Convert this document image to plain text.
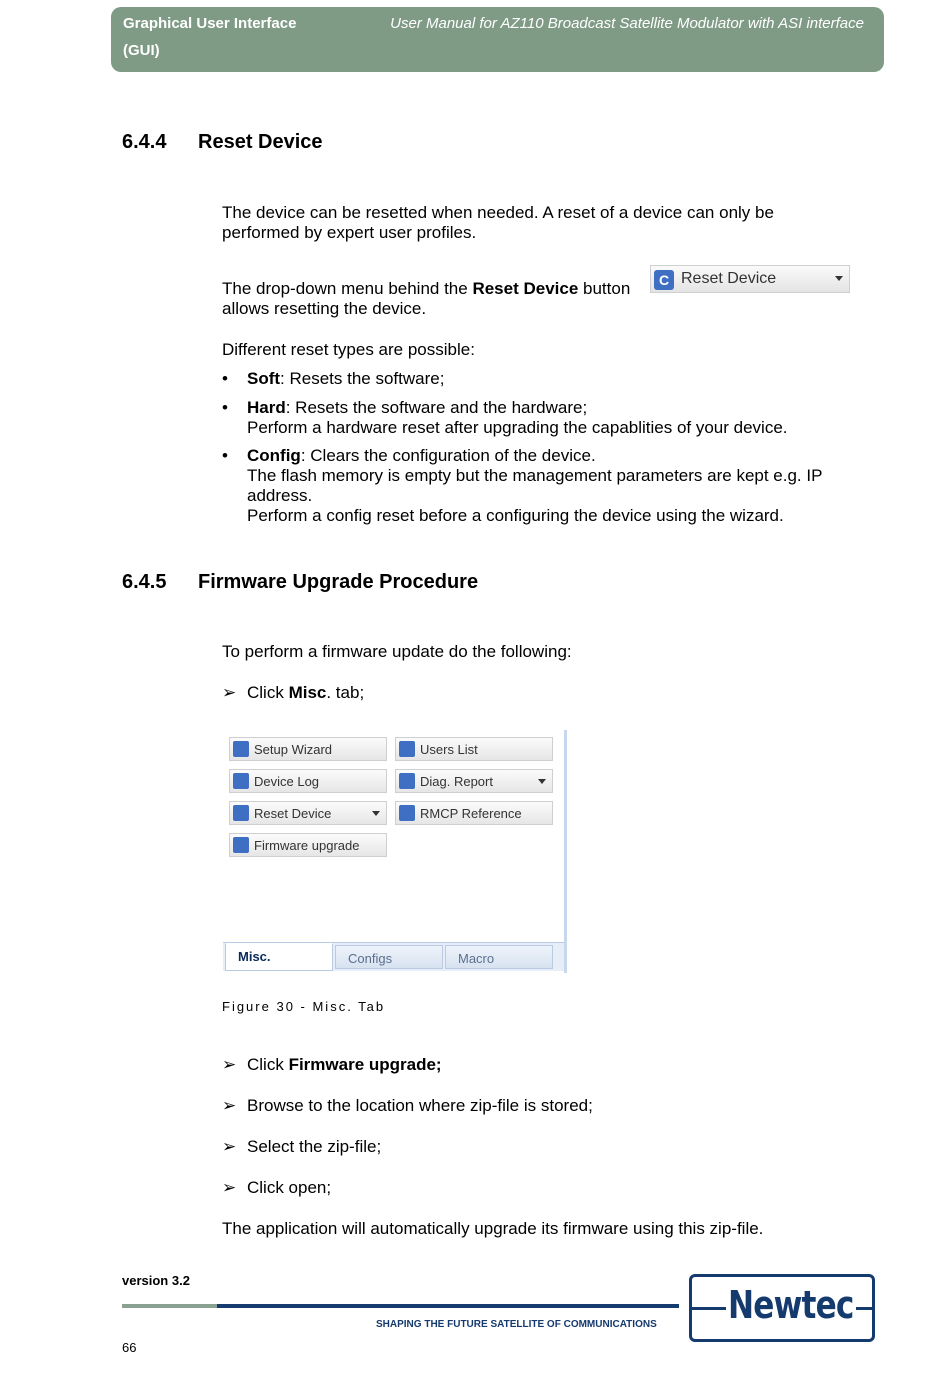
Graphical User Interface
(GUI)
User Manual for AZ110 Broadcast Satellite Modulator with ASI interface
6.4.4 Reset Device
The device can be resetted when needed. A reset of a device can only be
performed by expert user profiles.
The drop-down menu behind the Reset Device button
allows resetting the device.
C Reset Device
Different reset types are possible:
• Soft: Resets the software;
• Hard: Resets the software and the hardware;
Perform a hardware reset after upgrading the capablities of your device.
• Config: Clears the configuration of the device.
The flash memory is empty but the management parameters are kept e.g. IP
address.
Perform a config reset before a configuring the device using the wizard.
6.4.5 Firmware Upgrade Procedure
To perform a firmware update do the following:
➢ Click Misc. tab;
Setup Wizard	Users List
Device Log	Diag. Report
Reset Device	RMCP Reference
Firmware upgrade
Misc.	Configs	Macro
Figure 30 - Misc. Tab
➢ Click Firmware upgrade;
➢ Browse to the location where zip-file is stored;
➢ Select the zip-file;
➢ Click open;
The application will automatically upgrade its firmware using this zip-file.
version 3.2
SHAPING THE FUTURE SATELLITE OF COMMUNICATIONS
66
Newtec
